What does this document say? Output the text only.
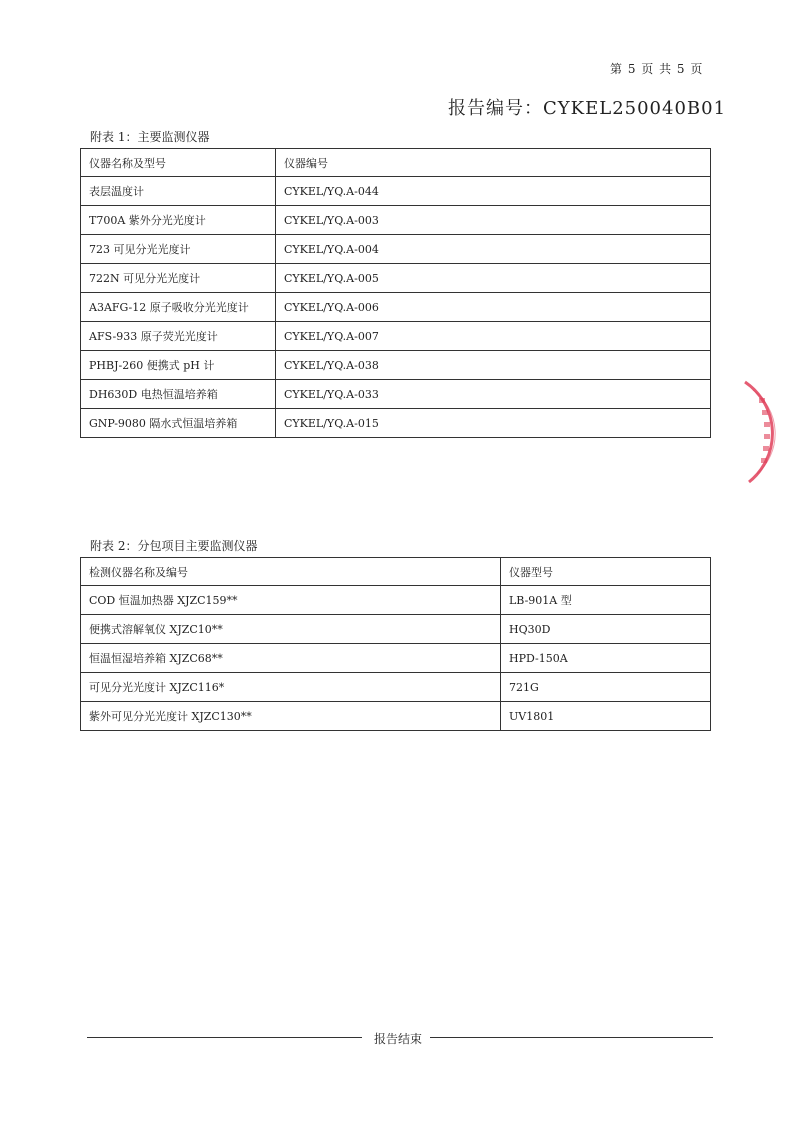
第 5 页 共 5 页
报告编号：CYKEL250040B01
附表 1：主要监测仪器
仪器名称及型号	仪器编号
表层温度计	CYKEL/YQ.A-044
T700A 紫外分光光度计	CYKEL/YQ.A-003
723 可见分光光度计	CYKEL/YQ.A-004
722N 可见分光光度计	CYKEL/YQ.A-005
A3AFG-12 原子吸收分光光度计	CYKEL/YQ.A-006
AFS-933 原子荧光光度计	CYKEL/YQ.A-007
PHBJ-260 便携式 pH 计	CYKEL/YQ.A-038
DH630D 电热恒温培养箱	CYKEL/YQ.A-033
GNP-9080 隔水式恒温培养箱	CYKEL/YQ.A-015
附表 2：分包项目主要监测仪器
检测仪器名称及编号	仪器型号
COD 恒温加热器 XJZC159**	LB-901A 型
便携式溶解氧仪 XJZC10**	HQ30D
恒温恒湿培养箱 XJZC68**	HPD-150A
可见分光光度计 XJZC116*	721G
紫外可见分光光度计 XJZC130**	UV1801
报告结束
